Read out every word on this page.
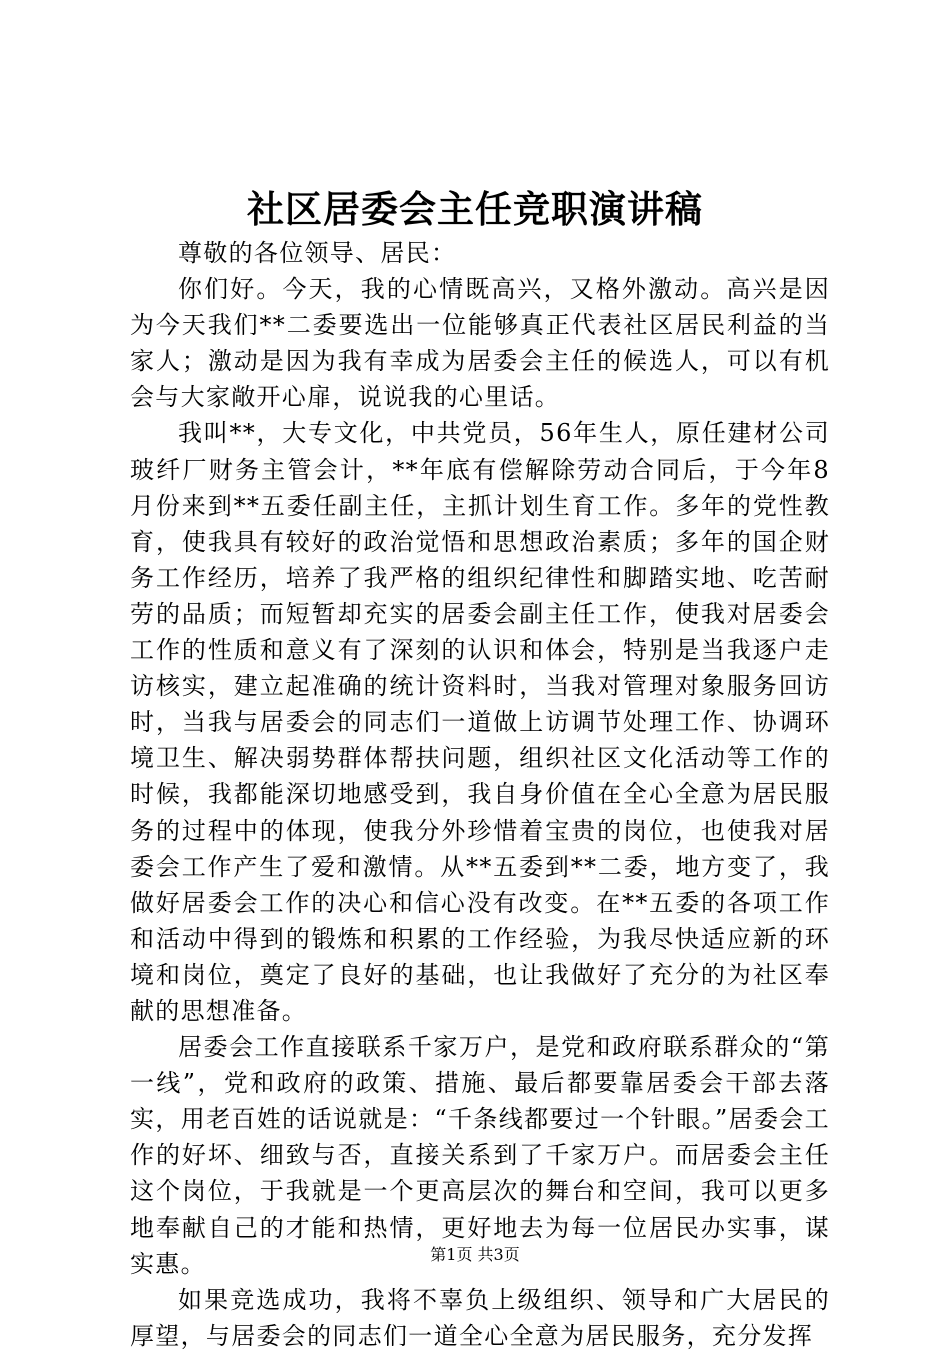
社区居委会主任竞职演讲稿

尊敬的各位领导、居民：

你们好。今天，我的心情既高兴，又格外激动。高兴是因为今天我们**二委要选出一位能够真正代表社区居民利益的当家人；激动是因为我有幸成为居委会主任的候选人，可以有机会与大家敞开心扉，说说我的心里话。

我叫**，大专文化，中共党员，56年生人，原任建材公司玻纤厂财务主管会计，**年底有偿解除劳动合同后，于今年8月份来到**五委任副主任，主抓计划生育工作。多年的党性教育，使我具有较好的政治觉悟和思想政治素质；多年的国企财务工作经历，培养了我严格的组织纪律性和脚踏实地、吃苦耐劳的品质；而短暂却充实的居委会副主任工作，使我对居委会工作的性质和意义有了深刻的认识和体会，特别是当我逐户走访核实，建立起准确的统计资料时，当我对管理对象服务回访时，当我与居委会的同志们一道做上访调节处理工作、协调环境卫生、解决弱势群体帮扶问题，组织社区文化活动等工作的时候，我都能深切地感受到，我自身价值在全心全意为居民服务的过程中的体现，使我分外珍惜着宝贵的岗位，也使我对居委会工作产生了爱和激情。从**五委到**二委，地方变了，我做好居委会工作的决心和信心没有改变。在**五委的各项工作和活动中得到的锻炼和积累的工作经验，为我尽快适应新的环境和岗位，奠定了良好的基础，也让我做好了充分的为社区奉献的思想准备。

居委会工作直接联系千家万户，是党和政府联系群众的“第一线”，党和政府的政策、措施、最后都要靠居委会干部去落实，用老百姓的话说就是：“千条线都要过一个针眼。”居委会工作的好坏、细致与否，直接关系到了千家万户。而居委会主任这个岗位，于我就是一个更高层次的舞台和空间，我可以更多地奉献自己的才能和热情，更好地去为每一位居民办实事，谋实惠。

如果竞选成功，我将不辜负上级组织、领导和广大居民的厚望，与居委会的同志们一道全心全意为居民服务，充分发挥

第1页 共3页
